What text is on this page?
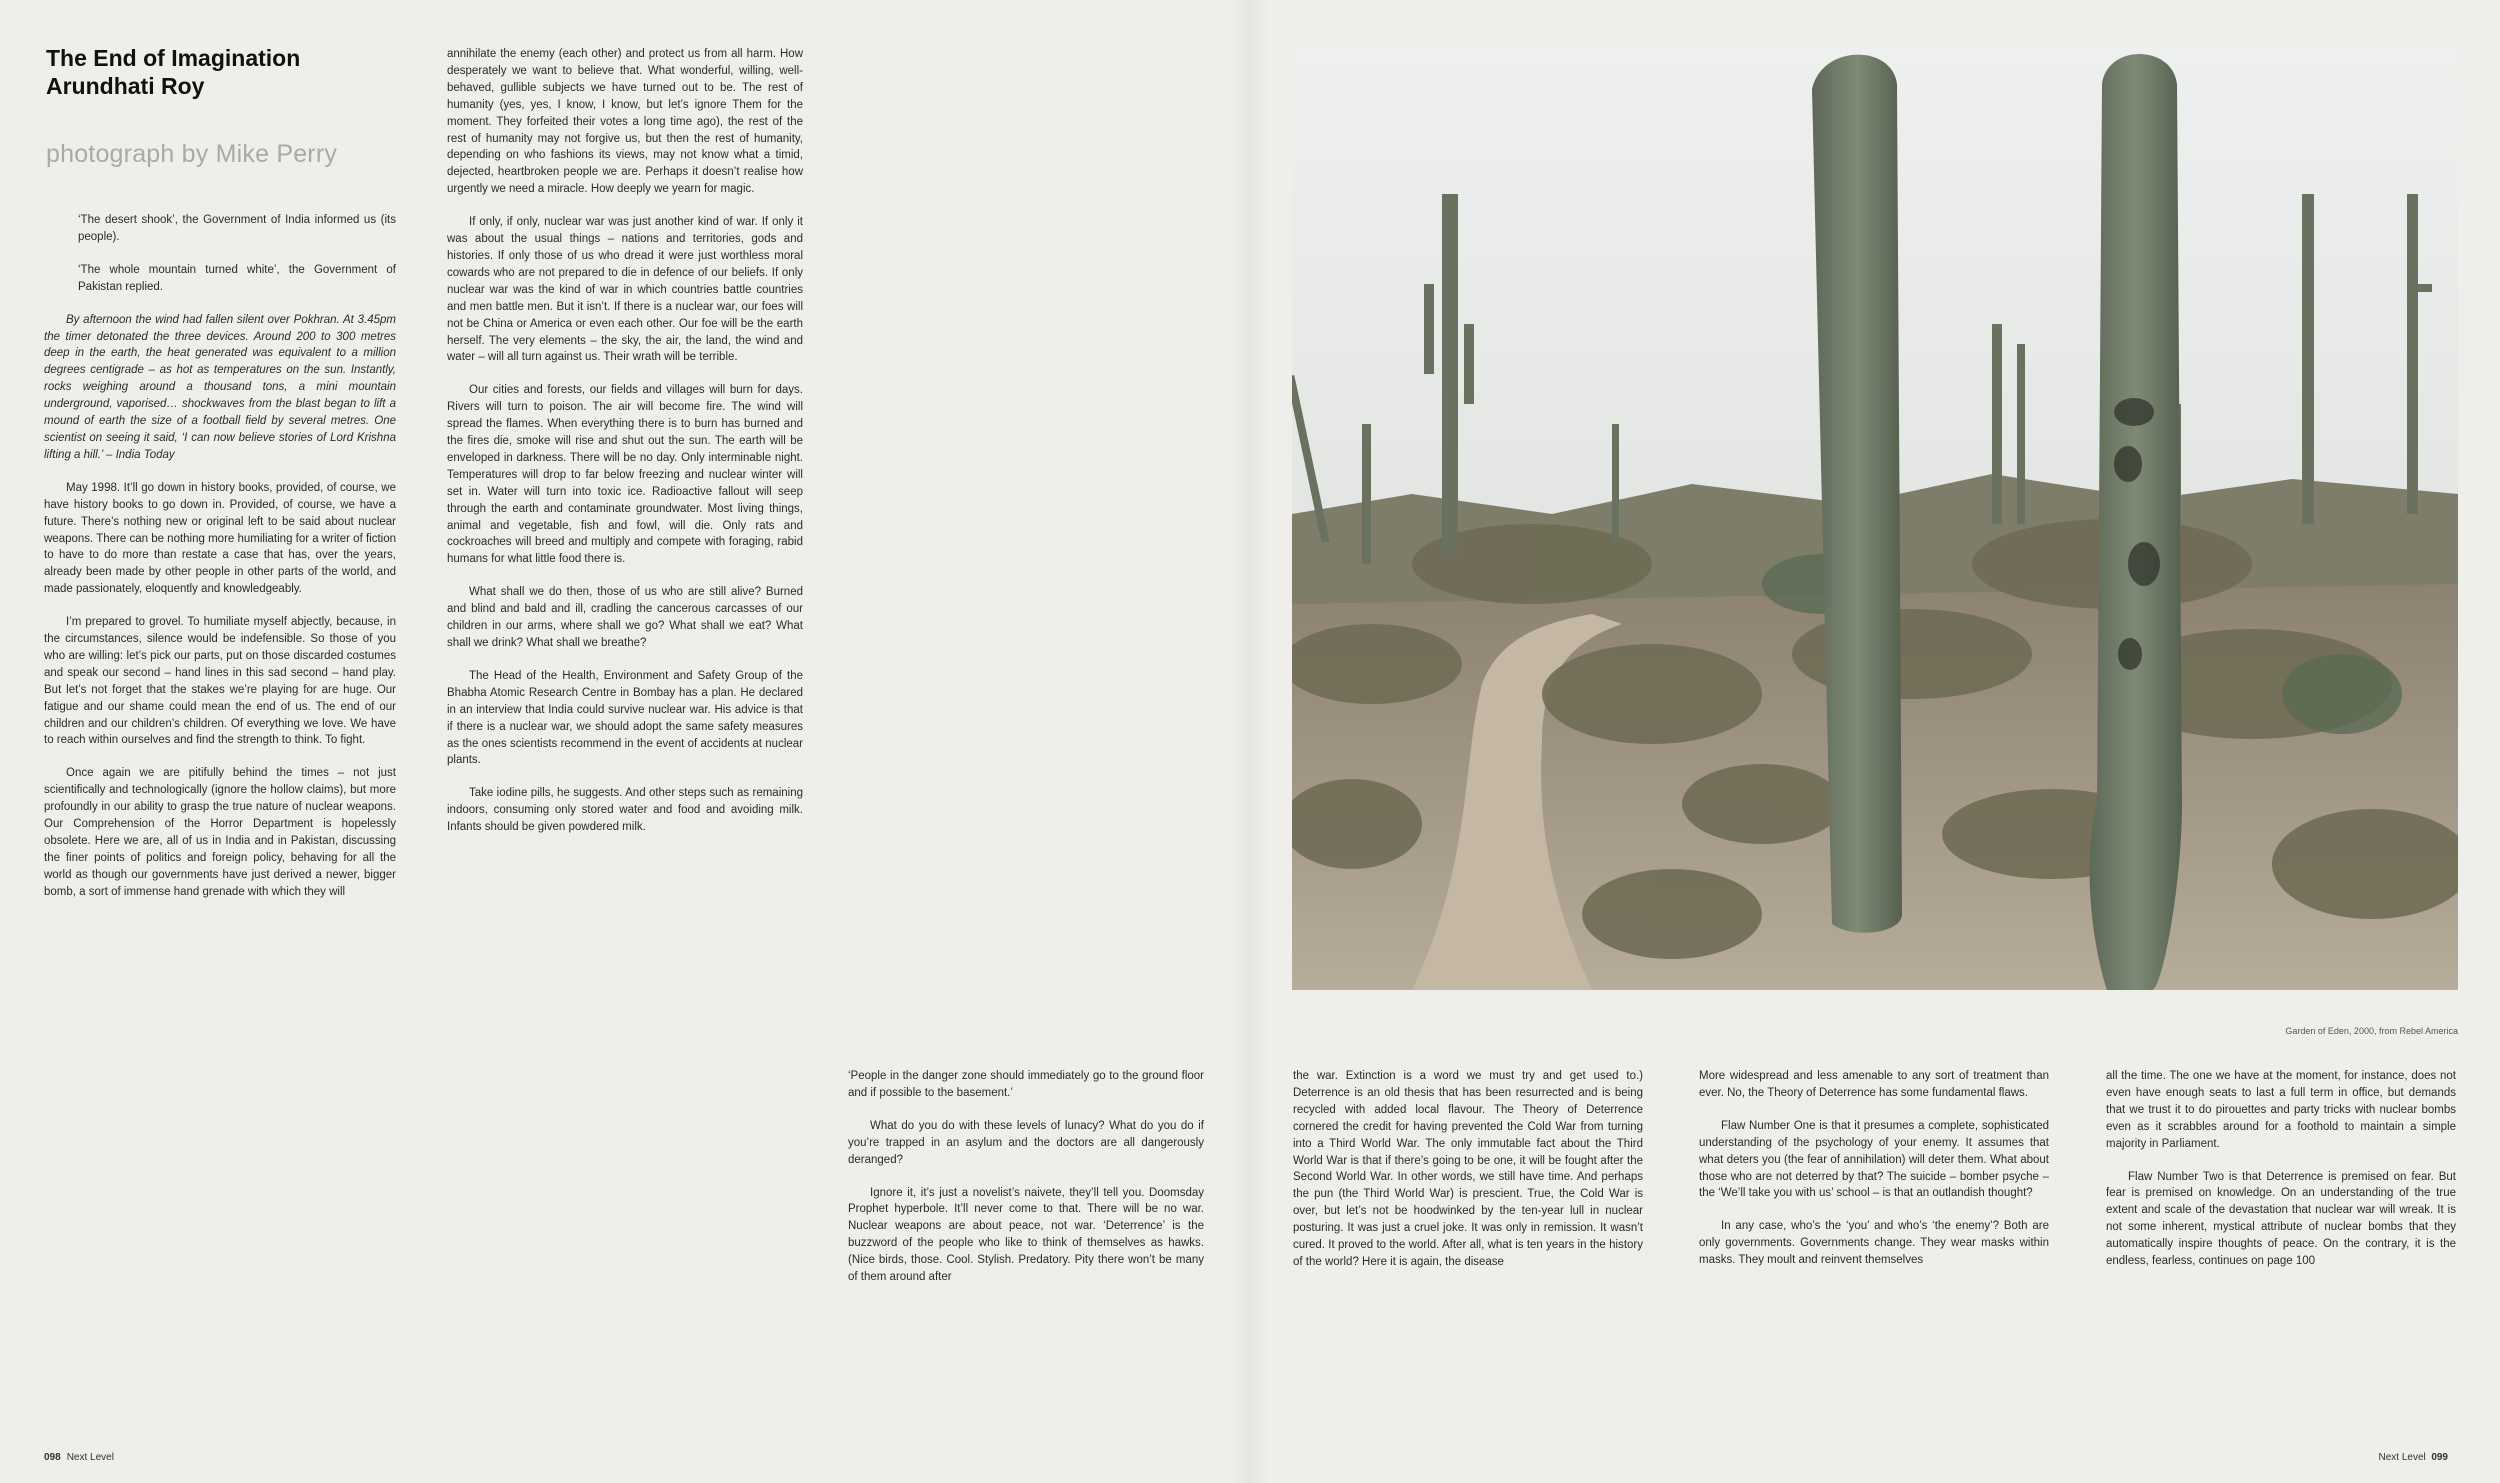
The End of Imagination
Arundhati Roy
photograph by Mike Perry

‘The desert shook’, the Government of India informed us (its people).

‘The whole mountain turned white’, the Government of Pakistan replied.

By afternoon the wind had fallen silent over Pokhran. At 3.45pm the timer detonated the three devices. Around 200 to 300 metres deep in the earth, the heat generated was equivalent to a million degrees centigrade – as hot as temperatures on the sun. Instantly, rocks weighing around a thousand tons, a mini mountain underground, vaporised… shockwaves from the blast began to lift a mound of earth the size of a football field by several metres. One scientist on seeing it said, ‘I can now believe stories of Lord Krishna lifting a hill.’ – India Today

May 1998. It’ll go down in history books, provided, of course, we have history books to go down in. Provided, of course, we have a future. There’s nothing new or original left to be said about nuclear weapons. There can be nothing more humiliating for a writer of fiction to have to do more than restate a case that has, over the years, already been made by other people in other parts of the world, and made passionately, eloquently and knowledgeably.

I’m prepared to grovel. To humiliate myself abjectly, because, in the circumstances, silence would be indefensible. So those of you who are willing: let’s pick our parts, put on those discarded costumes and speak our second – hand lines in this sad second – hand play. But let’s not forget that the stakes we’re playing for are huge. Our fatigue and our shame could mean the end of us. The end of our children and our children’s children. Of everything we love. We have to reach within ourselves and find the strength to think. To fight.

Once again we are pitifully behind the times – not just scientifically and technologically (ignore the hollow claims), but more profoundly in our ability to grasp the true nature of nuclear weapons. Our Comprehension of the Horror Department is hopelessly obsolete. Here we are, all of us in India and in Pakistan, discussing the finer points of politics and foreign policy, behaving for all the world as though our governments have just derived a newer, bigger bomb, a sort of immense hand grenade with which they will

annihilate the enemy (each other) and protect us from all harm. How desperately we want to believe that. What wonderful, willing, well-behaved, gullible subjects we have turned out to be. The rest of humanity (yes, yes, I know, I know, but let’s ignore Them for the moment. They forfeited their votes a long time ago), the rest of the rest of humanity may not forgive us, but then the rest of humanity, depending on who fashions its views, may not know what a timid, dejected, heartbroken people we are. Perhaps it doesn’t realise how urgently we need a miracle. How deeply we yearn for magic.

If only, if only, nuclear war was just another kind of war. If only it was about the usual things – nations and territories, gods and histories. If only those of us who dread it were just worthless moral cowards who are not prepared to die in defence of our beliefs. If only nuclear war was the kind of war in which countries battle countries and men battle men. But it isn’t. If there is a nuclear war, our foes will not be China or America or even each other. Our foe will be the earth herself. The very elements – the sky, the air, the land, the wind and water – will all turn against us. Their wrath will be terrible.

Our cities and forests, our fields and villages will burn for days. Rivers will turn to poison. The air will become fire. The wind will spread the flames. When everything there is to burn has burned and the fires die, smoke will rise and shut out the sun. The earth will be enveloped in darkness. There will be no day. Only interminable night. Temperatures will drop to far below freezing and nuclear winter will set in. Water will turn into toxic ice. Radioactive fallout will seep through the earth and contaminate groundwater. Most living things, animal and vegetable, fish and fowl, will die. Only rats and cockroaches will breed and multiply and compete with foraging, rabid humans for what little food there is.

What shall we do then, those of us who are still alive? Burned and blind and bald and ill, cradling the cancerous carcasses of our children in our arms, where shall we go? What shall we eat? What shall we drink? What shall we breathe?

The Head of the Health, Environment and Safety Group of the Bhabha Atomic Research Centre in Bombay has a plan. He declared in an interview that India could survive nuclear war. His advice is that if there is a nuclear war, we should adopt the same safety measures as the ones scientists recommend in the event of accidents at nuclear plants.

Take iodine pills, he suggests. And other steps such as remaining indoors, consuming only stored water and food and avoiding milk. Infants should be given powdered milk.

‘People in the danger zone should immediately go to the ground floor and if possible to the basement.’

What do you do with these levels of lunacy? What do you do if you’re trapped in an asylum and the doctors are all dangerously deranged?

Ignore it, it’s just a novelist’s naivete, they’ll tell you. Doomsday Prophet hyperbole. It’ll never come to that. There will be no war. Nuclear weapons are about peace, not war. ‘Deterrence’ is the buzzword of the people who like to think of themselves as hawks. (Nice birds, those. Cool. Stylish. Predatory. Pity there won’t be many of them around after

Garden of Eden, 2000, from Rebel America

the war. Extinction is a word we must try and get used to.) Deterrence is an old thesis that has been resurrected and is being recycled with added local flavour. The Theory of Deterrence cornered the credit for having prevented the Cold War from turning into a Third World War. The only immutable fact about the Third World War is that if there’s going to be one, it will be fought after the Second World War. In other words, we still have time. And perhaps the pun (the Third World War) is prescient. True, the Cold War is over, but let’s not be hoodwinked by the ten-year lull in nuclear posturing. It was just a cruel joke. It was only in remission. It wasn’t cured. It proved to the world. After all, what is ten years in the history of the world? Here it is again, the disease

More widespread and less amenable to any sort of treatment than ever. No, the Theory of Deterrence has some fundamental flaws.

Flaw Number One is that it presumes a complete, sophisticated understanding of the psychology of your enemy. It assumes that what deters you (the fear of annihilation) will deter them. What about those who are not deterred by that? The suicide – bomber psyche – the ‘We’ll take you with us’ school – is that an outlandish thought?

In any case, who’s the ‘you’ and who’s ‘the enemy’? Both are only governments. Governments change. They wear masks within masks. They moult and reinvent themselves

all the time. The one we have at the moment, for instance, does not even have enough seats to last a full term in office, but demands that we trust it to do pirouettes and party tricks with nuclear bombs even as it scrabbles around for a foothold to maintain a simple majority in Parliament.

Flaw Number Two is that Deterrence is premised on fear. But fear is premised on knowledge. On an understanding of the true extent and scale of the devastation that nuclear war will wreak. It is not some inherent, mystical attribute of nuclear bombs that they automatically inspire thoughts of peace. On the contrary, it is the endless, fearless, continues on page 100

098 Next Level	Next Level 099
